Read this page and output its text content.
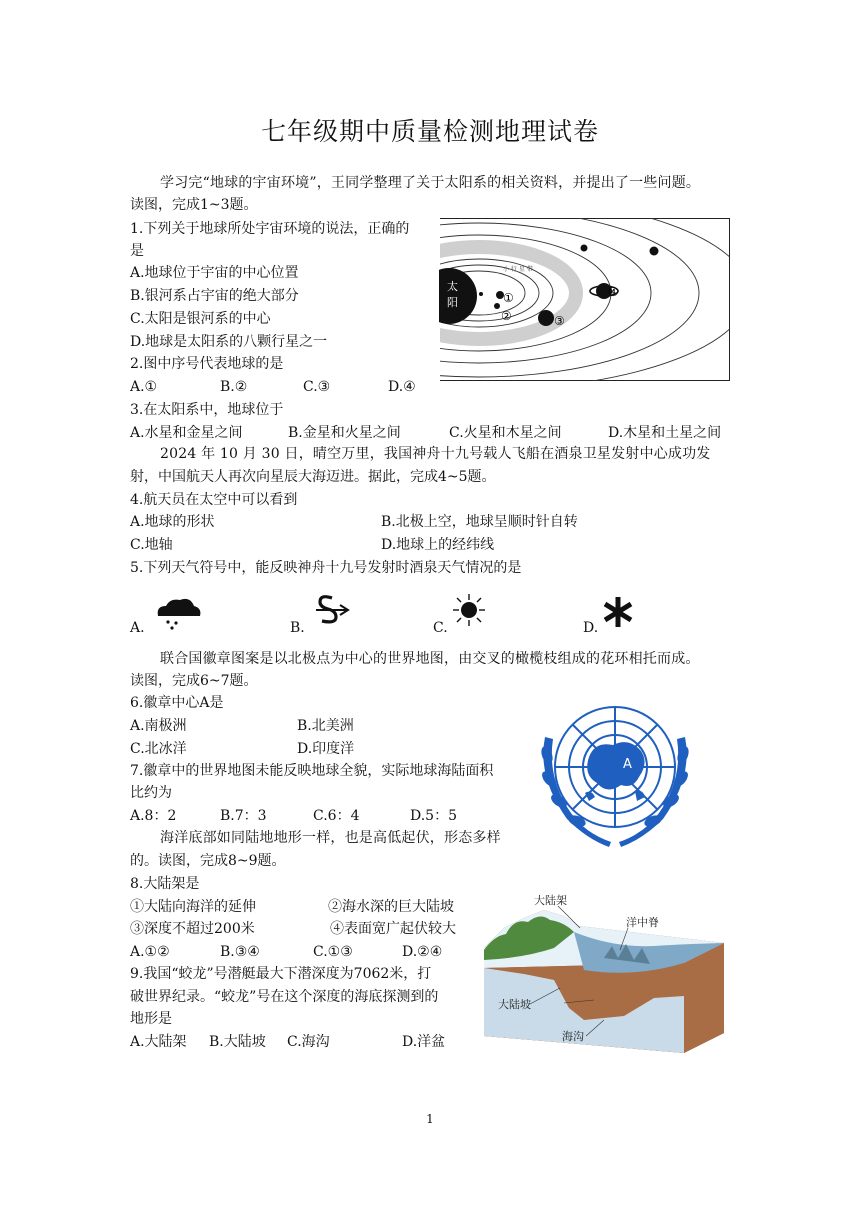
七年级期中质量检测地理试卷
学习完“地球的宇宙环境”，王同学整理了关于太阳系的相关资料，并提出了一些问题。
读图，完成1~3题。
1.下列关于地球所处宇宙环境的说法，正确的
是
A.地球位于宇宙的中心位置
B.银河系占宇宙的绝大部分
C.太阳是银河系的中心
D.地球是太阳系的八颗行星之一
2.图中序号代表地球的是
A.①	B.②	C.③	D.④
3.在太阳系中，地球位于
A.水星和金星之间	B.金星和火星之间	C.火星和木星之间	D.木星和土星之间
太
阳
小 行 星 带
①
②	③
④
2024 年 10 月 30 日，晴空万里，我国神舟十九号载人飞船在酒泉卫星发射中心成功发
射，中国航天人再次向星辰大海迈进。据此，完成4~5题。
4.航天员在太空中可以看到
A.地球的形状	B.北极上空，地球呈顺时针自转
C.地轴	D.地球上的经纬线
5.下列天气符号中，能反映神舟十九号发射时酒泉天气情况的是
A.	B.	C.	D.
联合国徽章图案是以北极点为中心的世界地图，由交叉的橄榄枝组成的花环相托而成。
读图，完成6~7题。
6.徽章中心A是
A.南极洲	B.北美洲
C.北冰洋	D.印度洋
7.徽章中的世界地图未能反映地球全貌，实际地球海陆面积
比约为
A.8：2	B.7：3	C.6：4	D.5：5
A
海洋底部如同陆地地形一样，也是高低起伏，形态多样
的。读图，完成8~9题。
8.大陆架是
①大陆向海洋的延伸	②海水深的巨大陆坡
③深度不超过200米	④表面宽广起伏较大
A.①②	B.③④	C.①③	D.②④
9.我国“蛟龙”号潜艇最大下潜深度为7062米，打
破世界纪录。“蛟龙”号在这个深度的海底探测到的
地形是
A.大陆架 B.大陆坡 C.海沟	D.洋盆
大陆架
洋中脊
大陆坡
海沟
1
